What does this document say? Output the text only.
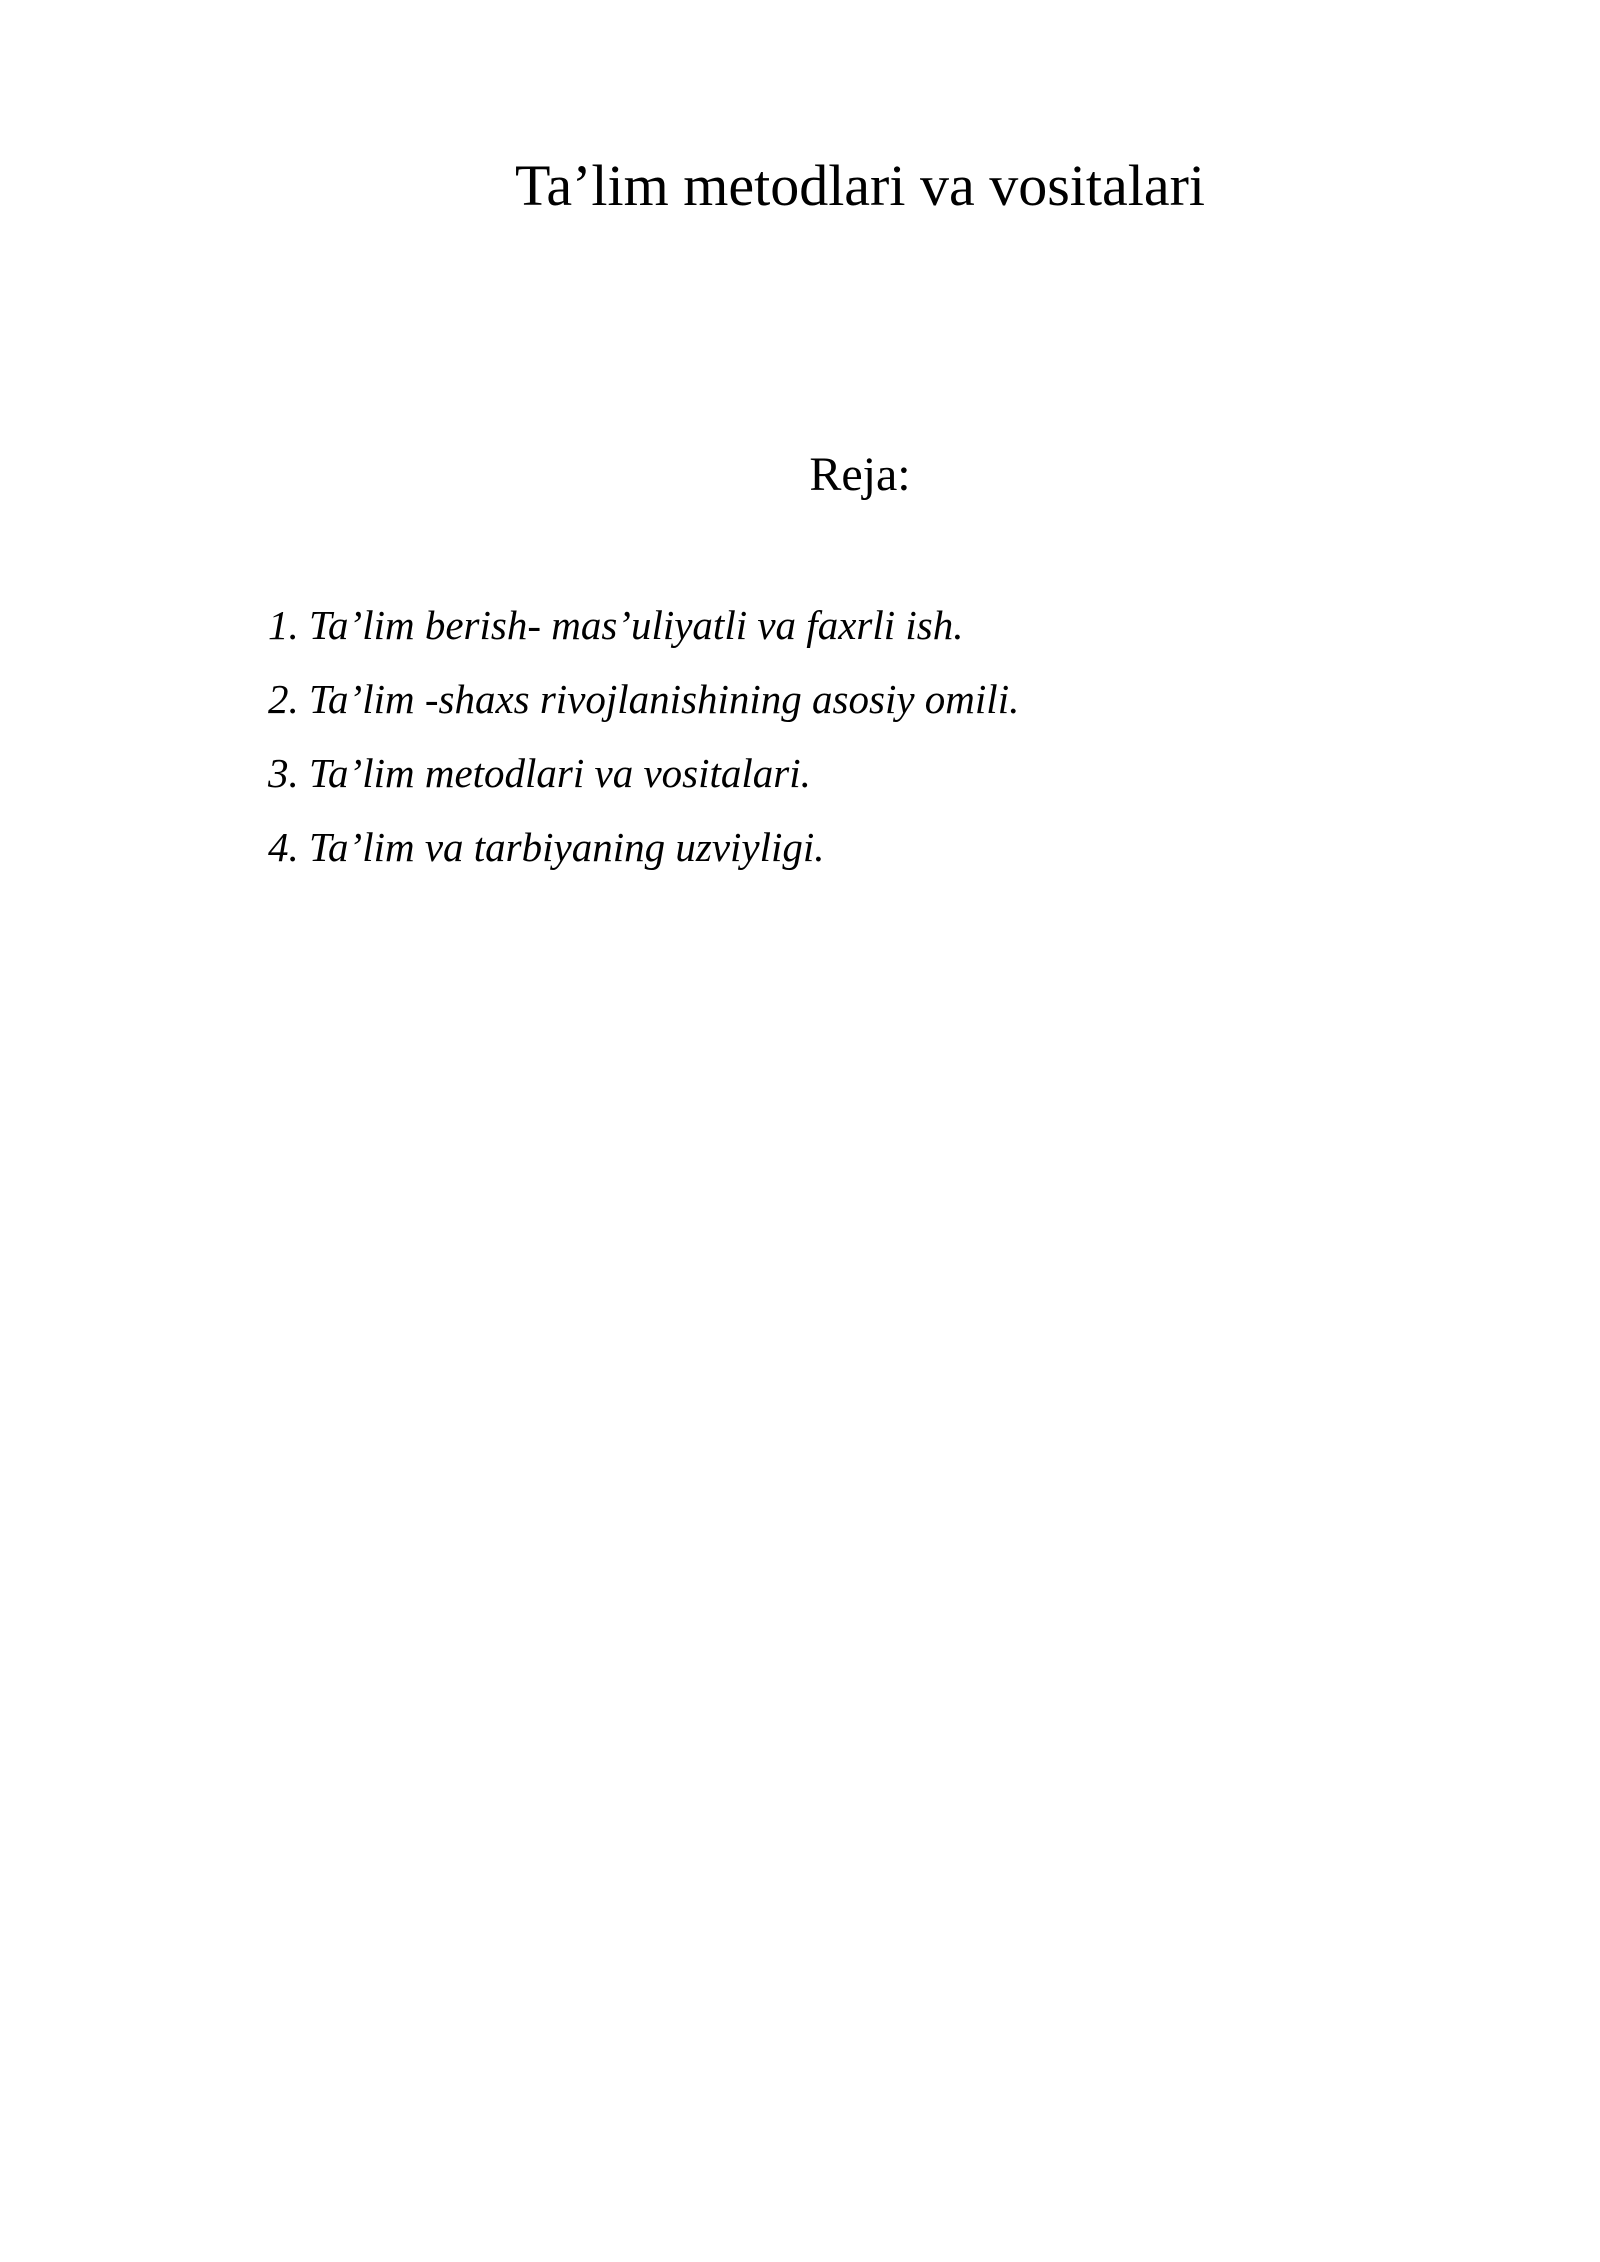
Ta’lim metodlari va vositalari

Reja:

1. Ta’lim berish- mas’uliyatli va faxrli ish.
2. Ta’lim -shaxs rivojlanishining asosiy omili.
3. Ta’lim metodlari va vositalari.
4. Ta’lim va tarbiyaning uzviyligi.
